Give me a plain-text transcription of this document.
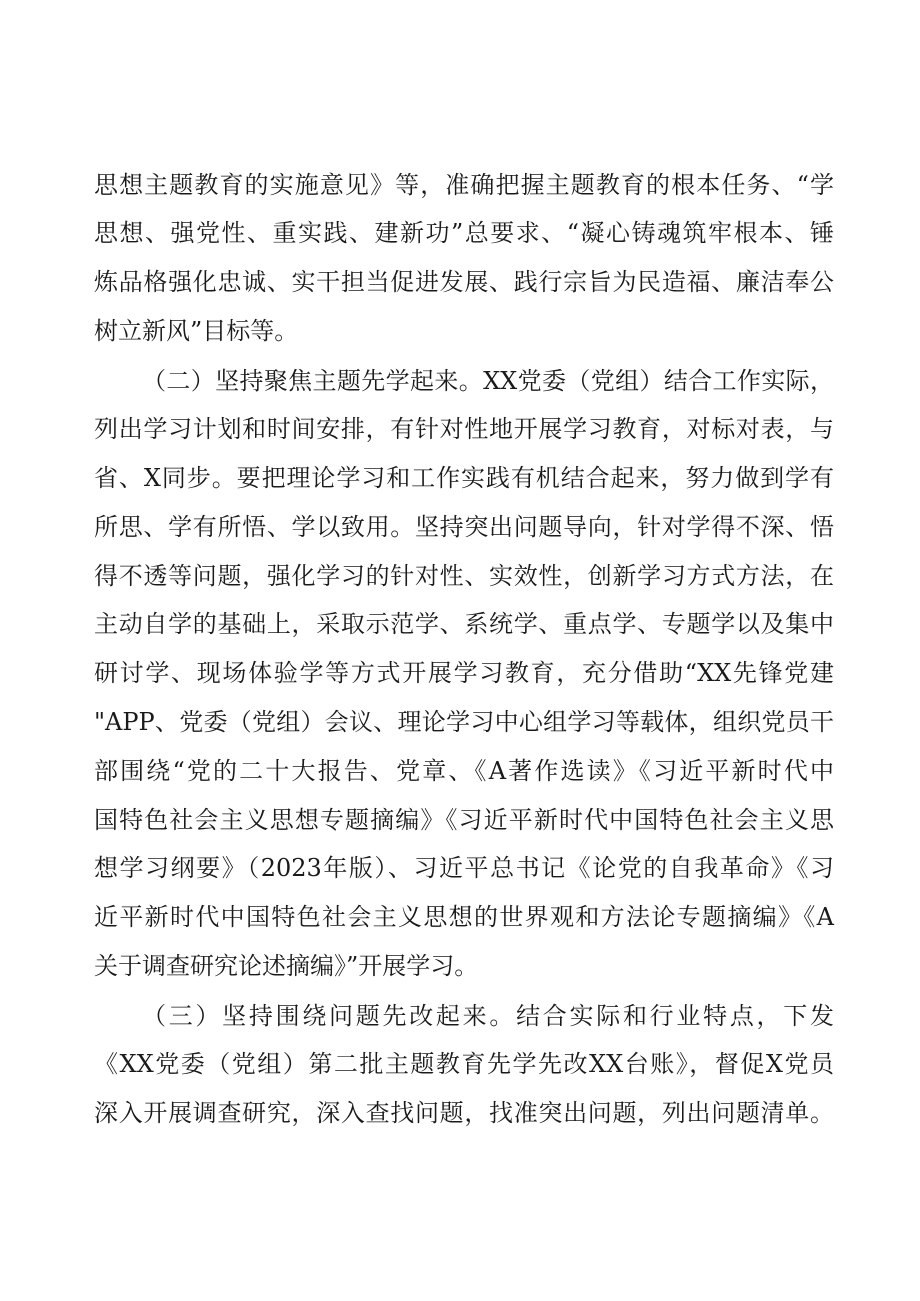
思想主题教育的实施意见》等，准确把握主题教育的根本任务、“学
思想、强党性、重实践、建新功”总要求、“凝心铸魂筑牢根本、锤
炼品格强化忠诚、实干担当促进发展、践行宗旨为民造福、廉洁奉公
树立新风”目标等。
（二）坚持聚焦主题先学起来。XX党委（党组）结合工作实际，
列出学习计划和时间安排，有针对性地开展学习教育，对标对表，与
省、X同步。要把理论学习和工作实践有机结合起来，努力做到学有
所思、学有所悟、学以致用。坚持突出问题导向，针对学得不深、悟
得不透等问题，强化学习的针对性、实效性，创新学习方式方法，在
主动自学的基础上，采取示范学、系统学、重点学、专题学以及集中
研讨学、现场体验学等方式开展学习教育，充分借助“XX先锋党建
"APP、党委（党组）会议、理论学习中心组学习等载体，组织党员干
部围绕“党的二十大报告、党章、《A著作选读》《习近平新时代中
国特色社会主义思想专题摘编》《习近平新时代中国特色社会主义思
想学习纲要》（2023年版）、习近平总书记《论党的自我革命》《习
近平新时代中国特色社会主义思想的世界观和方法论专题摘编》《A
关于调查研究论述摘编》”开展学习。
（三）坚持围绕问题先改起来。结合实际和行业特点，下发
《XX党委（党组）第二批主题教育先学先改XX台账》，督促X党员
深入开展调查研究，深入查找问题，找准突出问题，列出问题清单。
